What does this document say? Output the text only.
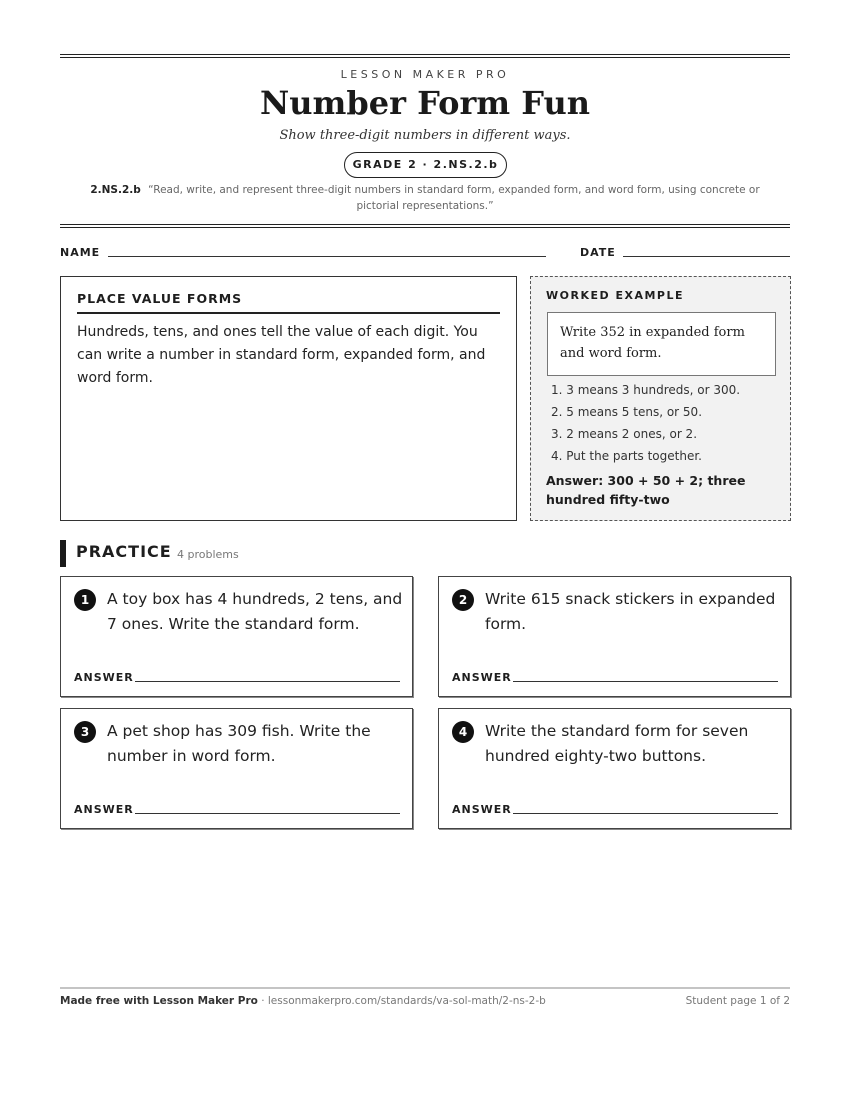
LESSON MAKER PRO
Number Form Fun
Show three-digit numbers in different ways.
GRADE 2 · 2.NS.2.b
2.NS.2.b “Read, write, and represent three-digit numbers in standard form, expanded form, and word form, using concrete or pictorial representations.”
NAME	DATE
PLACE VALUE FORMS
Hundreds, tens, and ones tell the value of each digit. You can write a number in standard form, expanded form, and word form.
WORKED EXAMPLE
Write 352 in expanded form and word form.
1. 3 means 3 hundreds, or 300.
2. 5 means 5 tens, or 50.
3. 2 means 2 ones, or 2.
4. Put the parts together.
Answer: 300 + 50 + 2; three hundred fifty-two
PRACTICE 4 problems
1	A toy box has 4 hundreds, 2 tens, and 7 ones. Write the standard form.
ANSWER
2	Write 615 snack stickers in expanded form.
ANSWER
3	A pet shop has 309 fish. Write the number in word form.
ANSWER
4	Write the standard form for seven hundred eighty-two buttons.
ANSWER
Made free with Lesson Maker Pro · lessonmakerpro.com/standards/va-sol-math/2-ns-2-b	Student page 1 of 2
